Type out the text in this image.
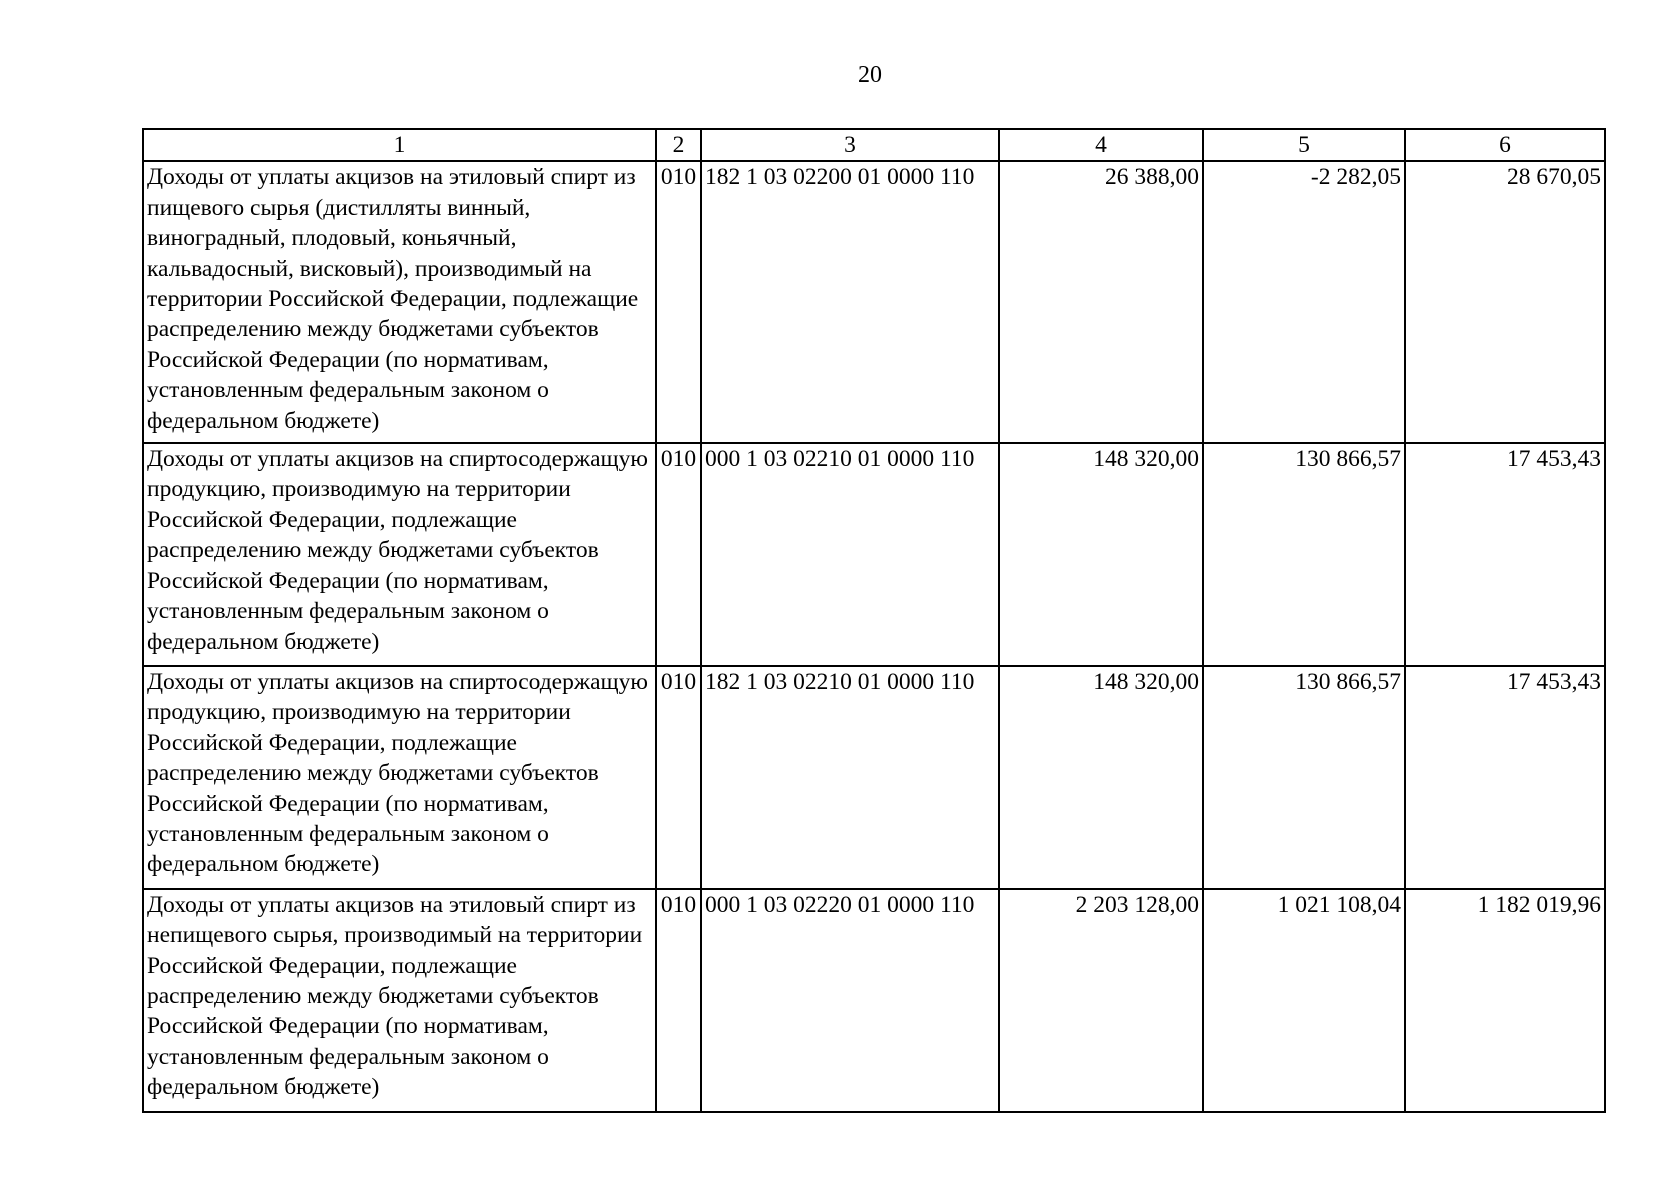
20
1	2	3	4	5	6
Доходы от уплаты акцизов на этиловый спирт из пищевого сырья (дистилляты винный, виноградный, плодовый, коньячный, кальвадосный, висковый), производимый на территории Российской Федерации, подлежащие распределению между бюджетами субъектов Российской Федерации (по нормативам, установленным федеральным законом о федеральном бюджете)	010	182 1 03 02200 01 0000 110	26 388,00	-2 282,05	28 670,05
Доходы от уплаты акцизов на спиртосодержащую продукцию, производимую на территории Российской Федерации, подлежащие распределению между бюджетами субъектов Российской Федерации (по нормативам, установленным федеральным законом о федеральном бюджете)	010	000 1 03 02210 01 0000 110	148 320,00	130 866,57	17 453,43
Доходы от уплаты акцизов на спиртосодержащую продукцию, производимую на территории Российской Федерации, подлежащие распределению между бюджетами субъектов Российской Федерации (по нормативам, установленным федеральным законом о федеральном бюджете)	010	182 1 03 02210 01 0000 110	148 320,00	130 866,57	17 453,43
Доходы от уплаты акцизов на этиловый спирт из непищевого сырья, производимый на территории Российской Федерации, подлежащие распределению между бюджетами субъектов Российской Федерации (по нормативам, установленным федеральным законом о федеральном бюджете)	010	000 1 03 02220 01 0000 110	2 203 128,00	1 021 108,04	1 182 019,96
